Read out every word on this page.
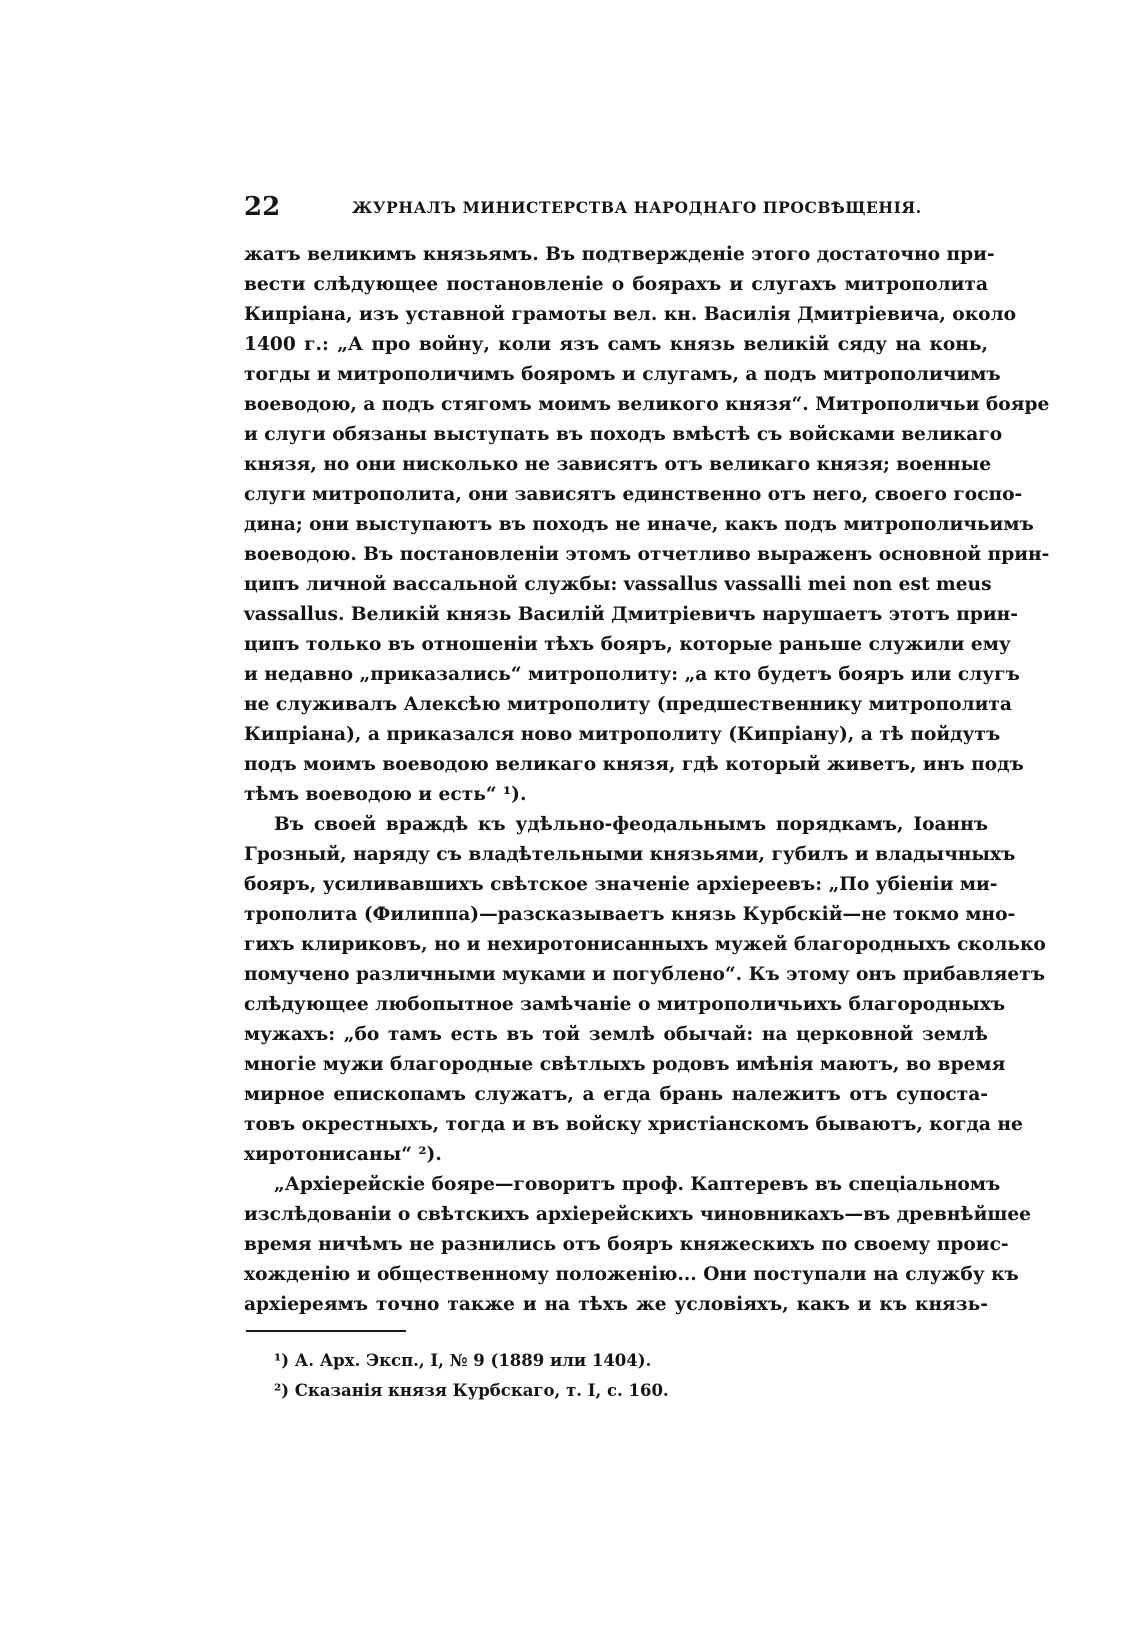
22	ЖУРНАЛЪ МИНИСТЕРСТВА НАРОДНАГО ПРОСВѢЩЕНІЯ.
жатъ великимъ князьямъ. Въ подтвержденіе этого достаточно при-
вести слѣдующее постановленіе о боярахъ и слугахъ митрополита
Кипріана, изъ уставной грамоты вел. кн. Василія Дмитріевича, около
1400 г.: „А про войну, коли язъ самъ князь великій сяду на конь,
тогды и митрополичимъ бояромъ и слугамъ, а подъ митрополичимъ
воеводою, а подъ стягомъ моимъ великого князя“. Митрополичьи бояре
и слуги обязаны выступать въ походъ вмѣстѣ съ войсками великаго
князя, но они нисколько не зависятъ отъ великаго князя; военные
слуги митрополита, они зависятъ единственно отъ него, своего госпо-
дина; они выступаютъ въ походъ не иначе, какъ подъ митрополичьимъ
воеводою. Въ постановленіи этомъ отчетливо выраженъ основной прин-
ципъ личной вассальной службы: vassallus vassalli mei non est meus
vassallus. Великій князь Василій Дмитріевичъ нарушаетъ этотъ прин-
ципъ только въ отношеніи тѣхъ бояръ, которые раньше служили ему
и недавно „приказались“ митрополиту: „а кто будетъ бояръ или слугъ
не служивалъ Алексѣю митрополиту (предшественнику митрополита
Кипріана), а приказался ново митрополиту (Кипріану), а тѣ пойдутъ
подъ моимъ воеводою великаго князя, гдѣ который живетъ, инъ подъ
тѣмъ воеводою и есть“ ¹).
Въ своей враждѣ къ удѣльно-феодальнымъ порядкамъ, Іоаннъ
Грозный, наряду съ владѣтельными князьями, губилъ и владычныхъ
бояръ, усиливавшихъ свѣтское значеніе архіереевъ: „По убіеніи ми-
трополита (Филиппа)—разсказываетъ князь Курбскій—не токмо мно-
гихъ клириковъ, но и нехиротонисанныхъ мужей благородныхъ сколько
помучено различными муками и погублено“. Къ этому онъ прибавляетъ
слѣдующее любопытное замѣчаніе о митрополичьихъ благородныхъ
мужахъ: „бо тамъ есть въ той землѣ обычай: на церковной землѣ
многіе мужи благородные свѣтлыхъ родовъ имѣнія маютъ, во время
мирное епископамъ служатъ, а егда брань належитъ отъ супоста-
товъ окрестныхъ, тогда и въ войску христіанскомъ бываютъ, когда не
хиротонисаны“ ²).
„Архіерейскіе бояре—говоритъ проф. Каптеревъ въ спеціальномъ
изслѣдованіи о свѣтскихъ архіерейскихъ чиновникахъ—въ древнѣйшее
время ничѣмъ не разнились отъ бояръ княжескихъ по своему проис-
хожденію и общественному положенію... Они поступали на службу къ
архіереямъ точно также и на тѣхъ же условіяхъ, какъ и къ князь-
¹) А. Арх. Эксп., I, № 9 (1889 или 1404).
²) Сказанія князя Курбскаго, т. I, с. 160.
